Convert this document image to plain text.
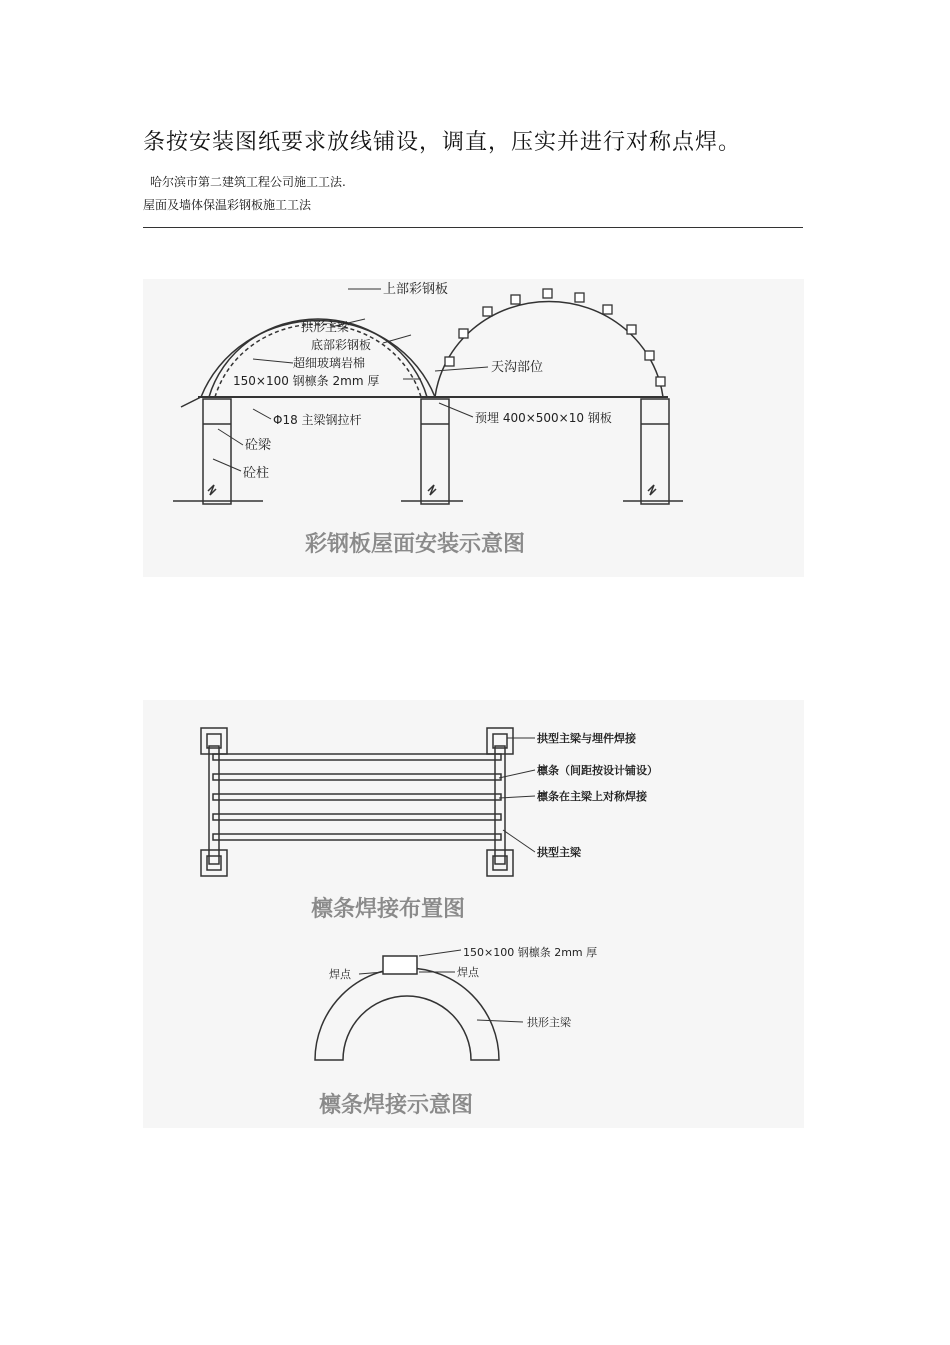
条按安装图纸要求放线铺设，调直，压实并进行对称点焊。
哈尔滨市第二建筑工程公司施工工法.
屋面及墙体保温彩钢板施工工法
上部彩钢板
拱形主梁
底部彩钢板
超细玻璃岩棉
150×100 钢檩条 2mm 厚
天沟部位
Φ18 主梁钢拉杆	预埋 400×500×10 钢板
砼梁
砼柱
彩钢板屋面安装示意图
拱型主梁与埋件焊接
檩条（间距按设计铺设）
檩条在主梁上对称焊接
拱型主梁
檩条焊接布置图
150×100 钢檩条 2mm 厚
焊点	焊点
拱形主梁
檩条焊接示意图
